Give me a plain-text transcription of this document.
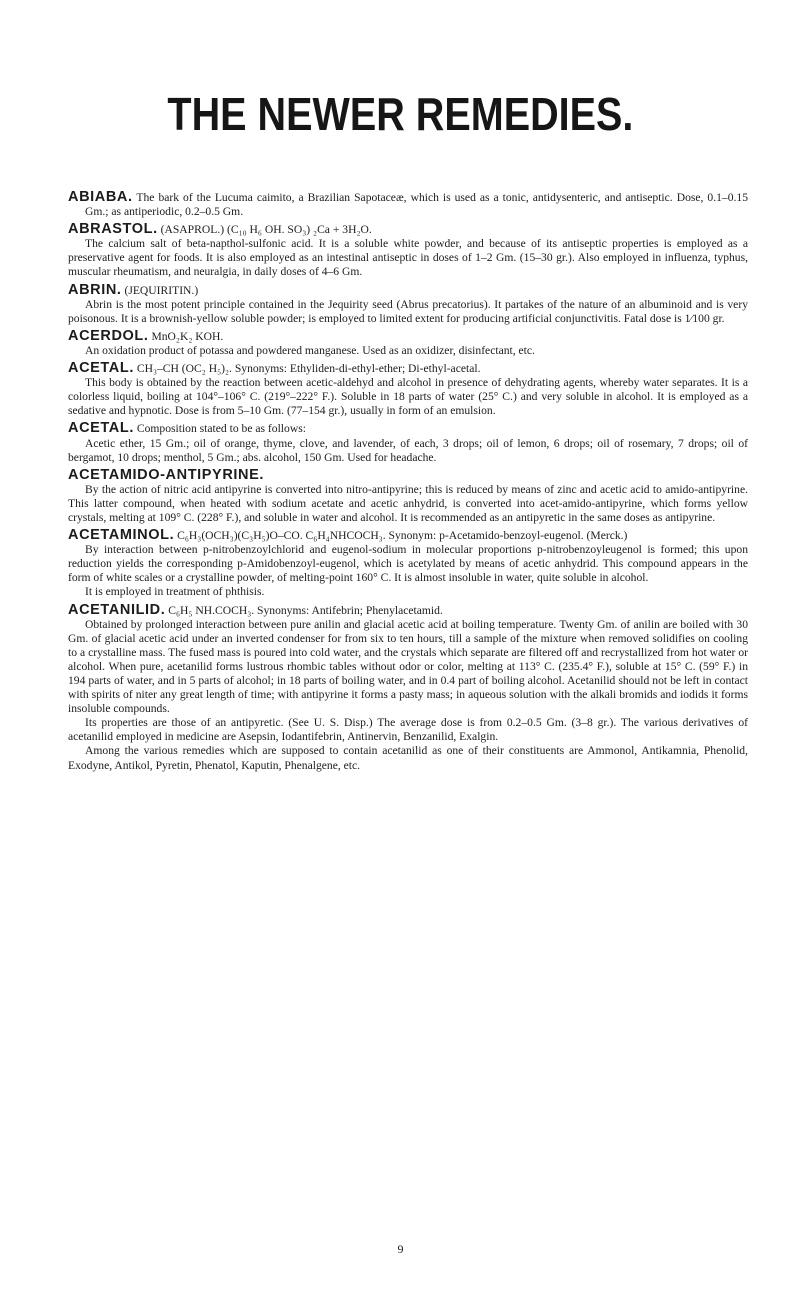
THE NEWER REMEDIES.

ABIABA. The bark of the Lucuma caimito, a Brazilian Sapotaceæ, which is used as a tonic, antidysenteric, and antiseptic. Dose, 0.1–0.15 Gm.; as antiperiodic, 0.2–0.5 Gm.

ABRASTOL. (ASAPROL.) (C₁₀ H₆ OH. SO₃) ₂Ca + 3H₂O.

The calcium salt of beta-napthol-sulfonic acid. It is a soluble white powder, and because of its antiseptic properties is employed as a preservative agent for foods. It is also employed as an intestinal antiseptic in doses of 1–2 Gm. (15–30 gr.). Also employed in influenza, typhus, muscular rheumatism, and neuralgia, in daily doses of 4–6 Gm.

ABRIN. (JEQUIRITIN.)

Abrin is the most potent principle contained in the Jequirity seed (Abrus precatorius). It partakes of the nature of an albuminoid and is very poisonous. It is a brownish-yellow soluble powder; is employed to limited extent for producing artificial conjunctivitis. Fatal dose is 1⁄100 gr.

ACERDOL. MnO₂K₂ KOH.

An oxidation product of potassa and powdered manganese. Used as an oxidizer, disinfectant, etc.

ACETAL. CH₃–CH (OC₂ H₅)₂. Synonyms: Ethyliden-di-ethyl-ether; Di-ethyl-acetal.

This body is obtained by the reaction between acetic-aldehyd and alcohol in presence of dehydrating agents, whereby water separates. It is a colorless liquid, boiling at 104°–106° C. (219°–222° F.). Soluble in 18 parts of water (25° C.) and very soluble in alcohol. It is employed as a sedative and hypnotic. Dose is from 5–10 Gm. (77–154 gr.), usually in form of an emulsion.

ACETAL. Composition stated to be as follows:

Acetic ether, 15 Gm.; oil of orange, thyme, clove, and lavender, of each, 3 drops; oil of lemon, 6 drops; oil of rosemary, 7 drops; oil of bergamot, 10 drops; menthol, 5 Gm.; abs. alcohol, 150 Gm. Used for headache.

ACETAMIDO-ANTIPYRINE.

By the action of nitric acid antipyrine is converted into nitro-antipyrine; this is reduced by means of zinc and acetic acid to amido-antipyrine. This latter compound, when heated with sodium acetate and acetic anhydrid, is converted into acet-amido-antipyrine, which forms yellow crystals, melting at 109° C. (228° F.), and soluble in water and alcohol. It is recommended as an antipyretic in the same doses as antipyrine.

ACETAMINOL. C₆H₃(OCH₃)(C₃H₅)O–CO. C₆H₄NHCOCH₃. Synonym: p-Acetamido-benzoyl-eugenol. (Merck.)

By interaction between p-nitrobenzoylchlorid and eugenol-sodium in molecular proportions p-nitrobenzoyleugenol is formed; this upon reduction yields the corresponding p-Amidobenzoyl-eugenol, which is acetylated by means of acetic anhydrid. This compound appears in the form of white scales or a crystalline powder, of melting-point 160° C. It is almost insoluble in water, quite soluble in alcohol.

It is employed in treatment of phthisis.

ACETANILID. C₆H₅ NH.COCH₃. Synonyms: Antifebrin; Phenylacetamid.

Obtained by prolonged interaction between pure anilin and glacial acetic acid at boiling temperature. Twenty Gm. of anilin are boiled with 30 Gm. of glacial acetic acid under an inverted condenser for from six to ten hours, till a sample of the mixture when removed solidifies on cooling to a crystalline mass. The fused mass is poured into cold water, and the crystals which separate are filtered off and recrystallized from hot water or alcohol. When pure, acetanilid forms lustrous rhombic tables without odor or color, melting at 113° C. (235.4° F.), soluble at 15° C. (59° F.) in 194 parts of water, and in 5 parts of alcohol; in 18 parts of boiling water, and in 0.4 part of boiling alcohol. Acetanilid should not be left in contact with spirits of niter any great length of time; with antipyrine it forms a pasty mass; in aqueous solution with the alkali bromids and iodids it forms insoluble compounds.

Its properties are those of an antipyretic. (See U. S. Disp.) The average dose is from 0.2–0.5 Gm. (3–8 gr.). The various derivatives of acetanilid employed in medicine are Asepsin, Iodantifebrin, Antinervin, Benzanilid, Exalgin.

Among the various remedies which are supposed to contain acetanilid as one of their constituents are Ammonol, Antikamnia, Phenolid, Exodyne, Antikol, Pyretin, Phenatol, Kaputin, Phenalgene, etc.

9
